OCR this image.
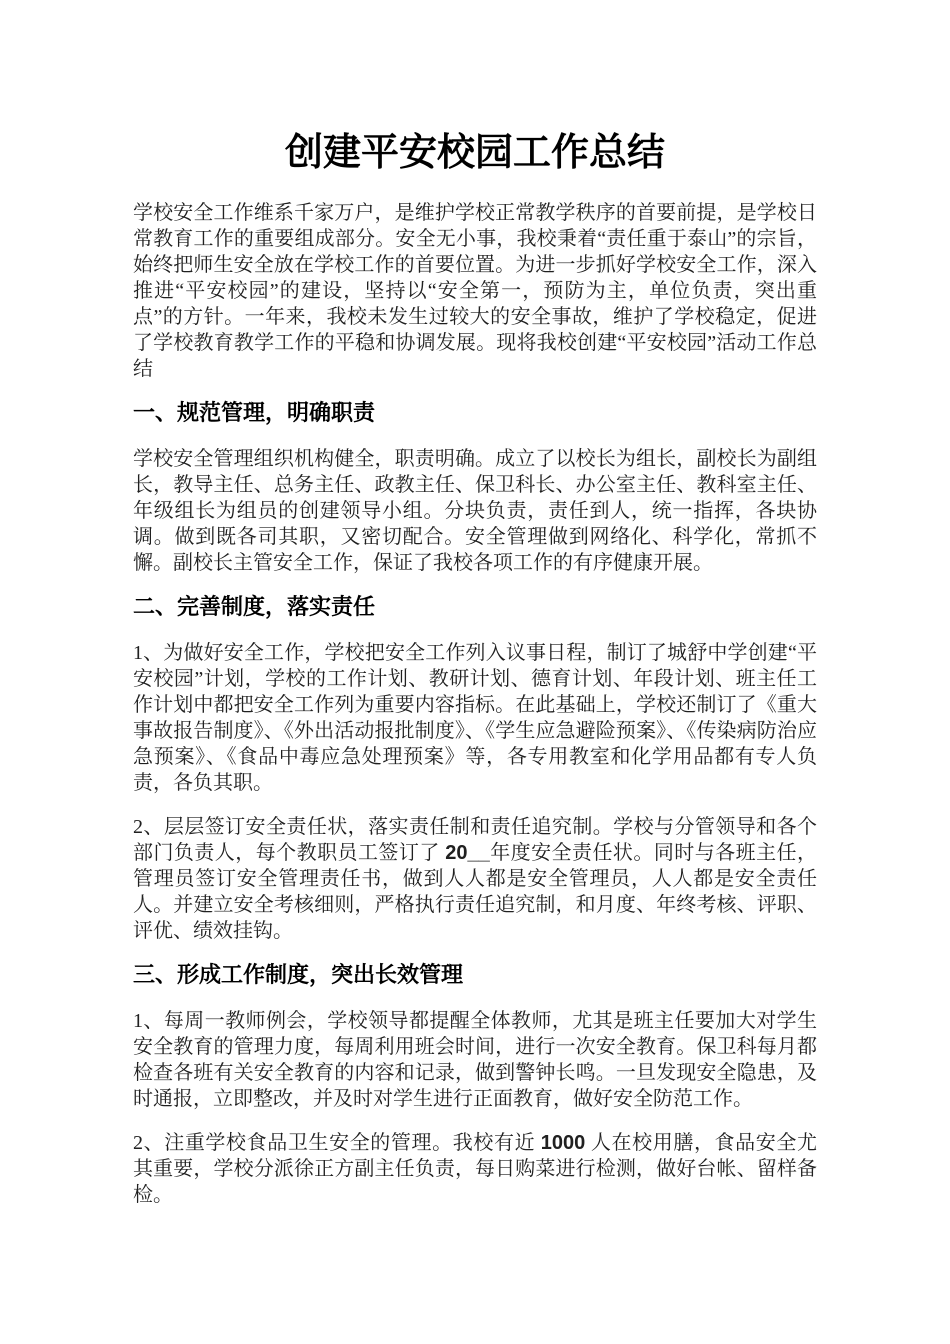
创建平安校园工作总结

学校安全工作维系千家万户，是维护学校正常教学秩序的首要前提，是学校日常教育工作的重要组成部分。安全无小事，我校秉着“责任重于泰山”的宗旨，始终把师生安全放在学校工作的首要位置。为进一步抓好学校安全工作，深入推进“平安校园”的建设，坚持以“安全第一，预防为主，单位负责，突出重点”的方针。一年来，我校未发生过较大的安全事故，维护了学校稳定，促进了学校教育教学工作的平稳和协调发展。现将我校创建“平安校园”活动工作总结

一、规范管理，明确职责

学校安全管理组织机构健全，职责明确。成立了以校长为组长，副校长为副组长，教导主任、总务主任、政教主任、保卫科长、办公室主任、教科室主任、年级组长为组员的创建领导小组。分块负责，责任到人，统一指挥，各块协调。做到既各司其职，又密切配合。安全管理做到网络化、科学化，常抓不懈。副校长主管安全工作，保证了我校各项工作的有序健康开展。

二、完善制度，落实责任

1、为做好安全工作，学校把安全工作列入议事日程，制订了城舒中学创建“平安校园”计划，学校的工作计划、教研计划、德育计划、年段计划、班主任工作计划中都把安全工作列为重要内容指标。在此基础上，学校还制订了《重大事故报告制度》、《外出活动报批制度》、《学生应急避险预案》、《传染病防治应急预案》、《食品中毒应急处理预案》等，各专用教室和化学用品都有专人负责，各负其职。

2、层层签订安全责任状，落实责任制和责任追究制。学校与分管领导和各个部门负责人，每个教职员工签订了 20__年度安全责任状。同时与各班主任，管理员签订安全管理责任书，做到人人都是安全管理员，人人都是安全责任人。并建立安全考核细则，严格执行责任追究制，和月度、年终考核、评职、评优、绩效挂钩。

三、形成工作制度，突出长效管理

1、每周一教师例会，学校领导都提醒全体教师，尤其是班主任要加大对学生安全教育的管理力度，每周利用班会时间，进行一次安全教育。保卫科每月都检查各班有关安全教育的内容和记录，做到警钟长鸣。一旦发现安全隐患，及时通报，立即整改，并及时对学生进行正面教育，做好安全防范工作。

2、注重学校食品卫生安全的管理。我校有近 1000 人在校用膳，食品安全尤其重要，学校分派徐正方副主任负责，每日购菜进行检测，做好台帐、留样备检。
